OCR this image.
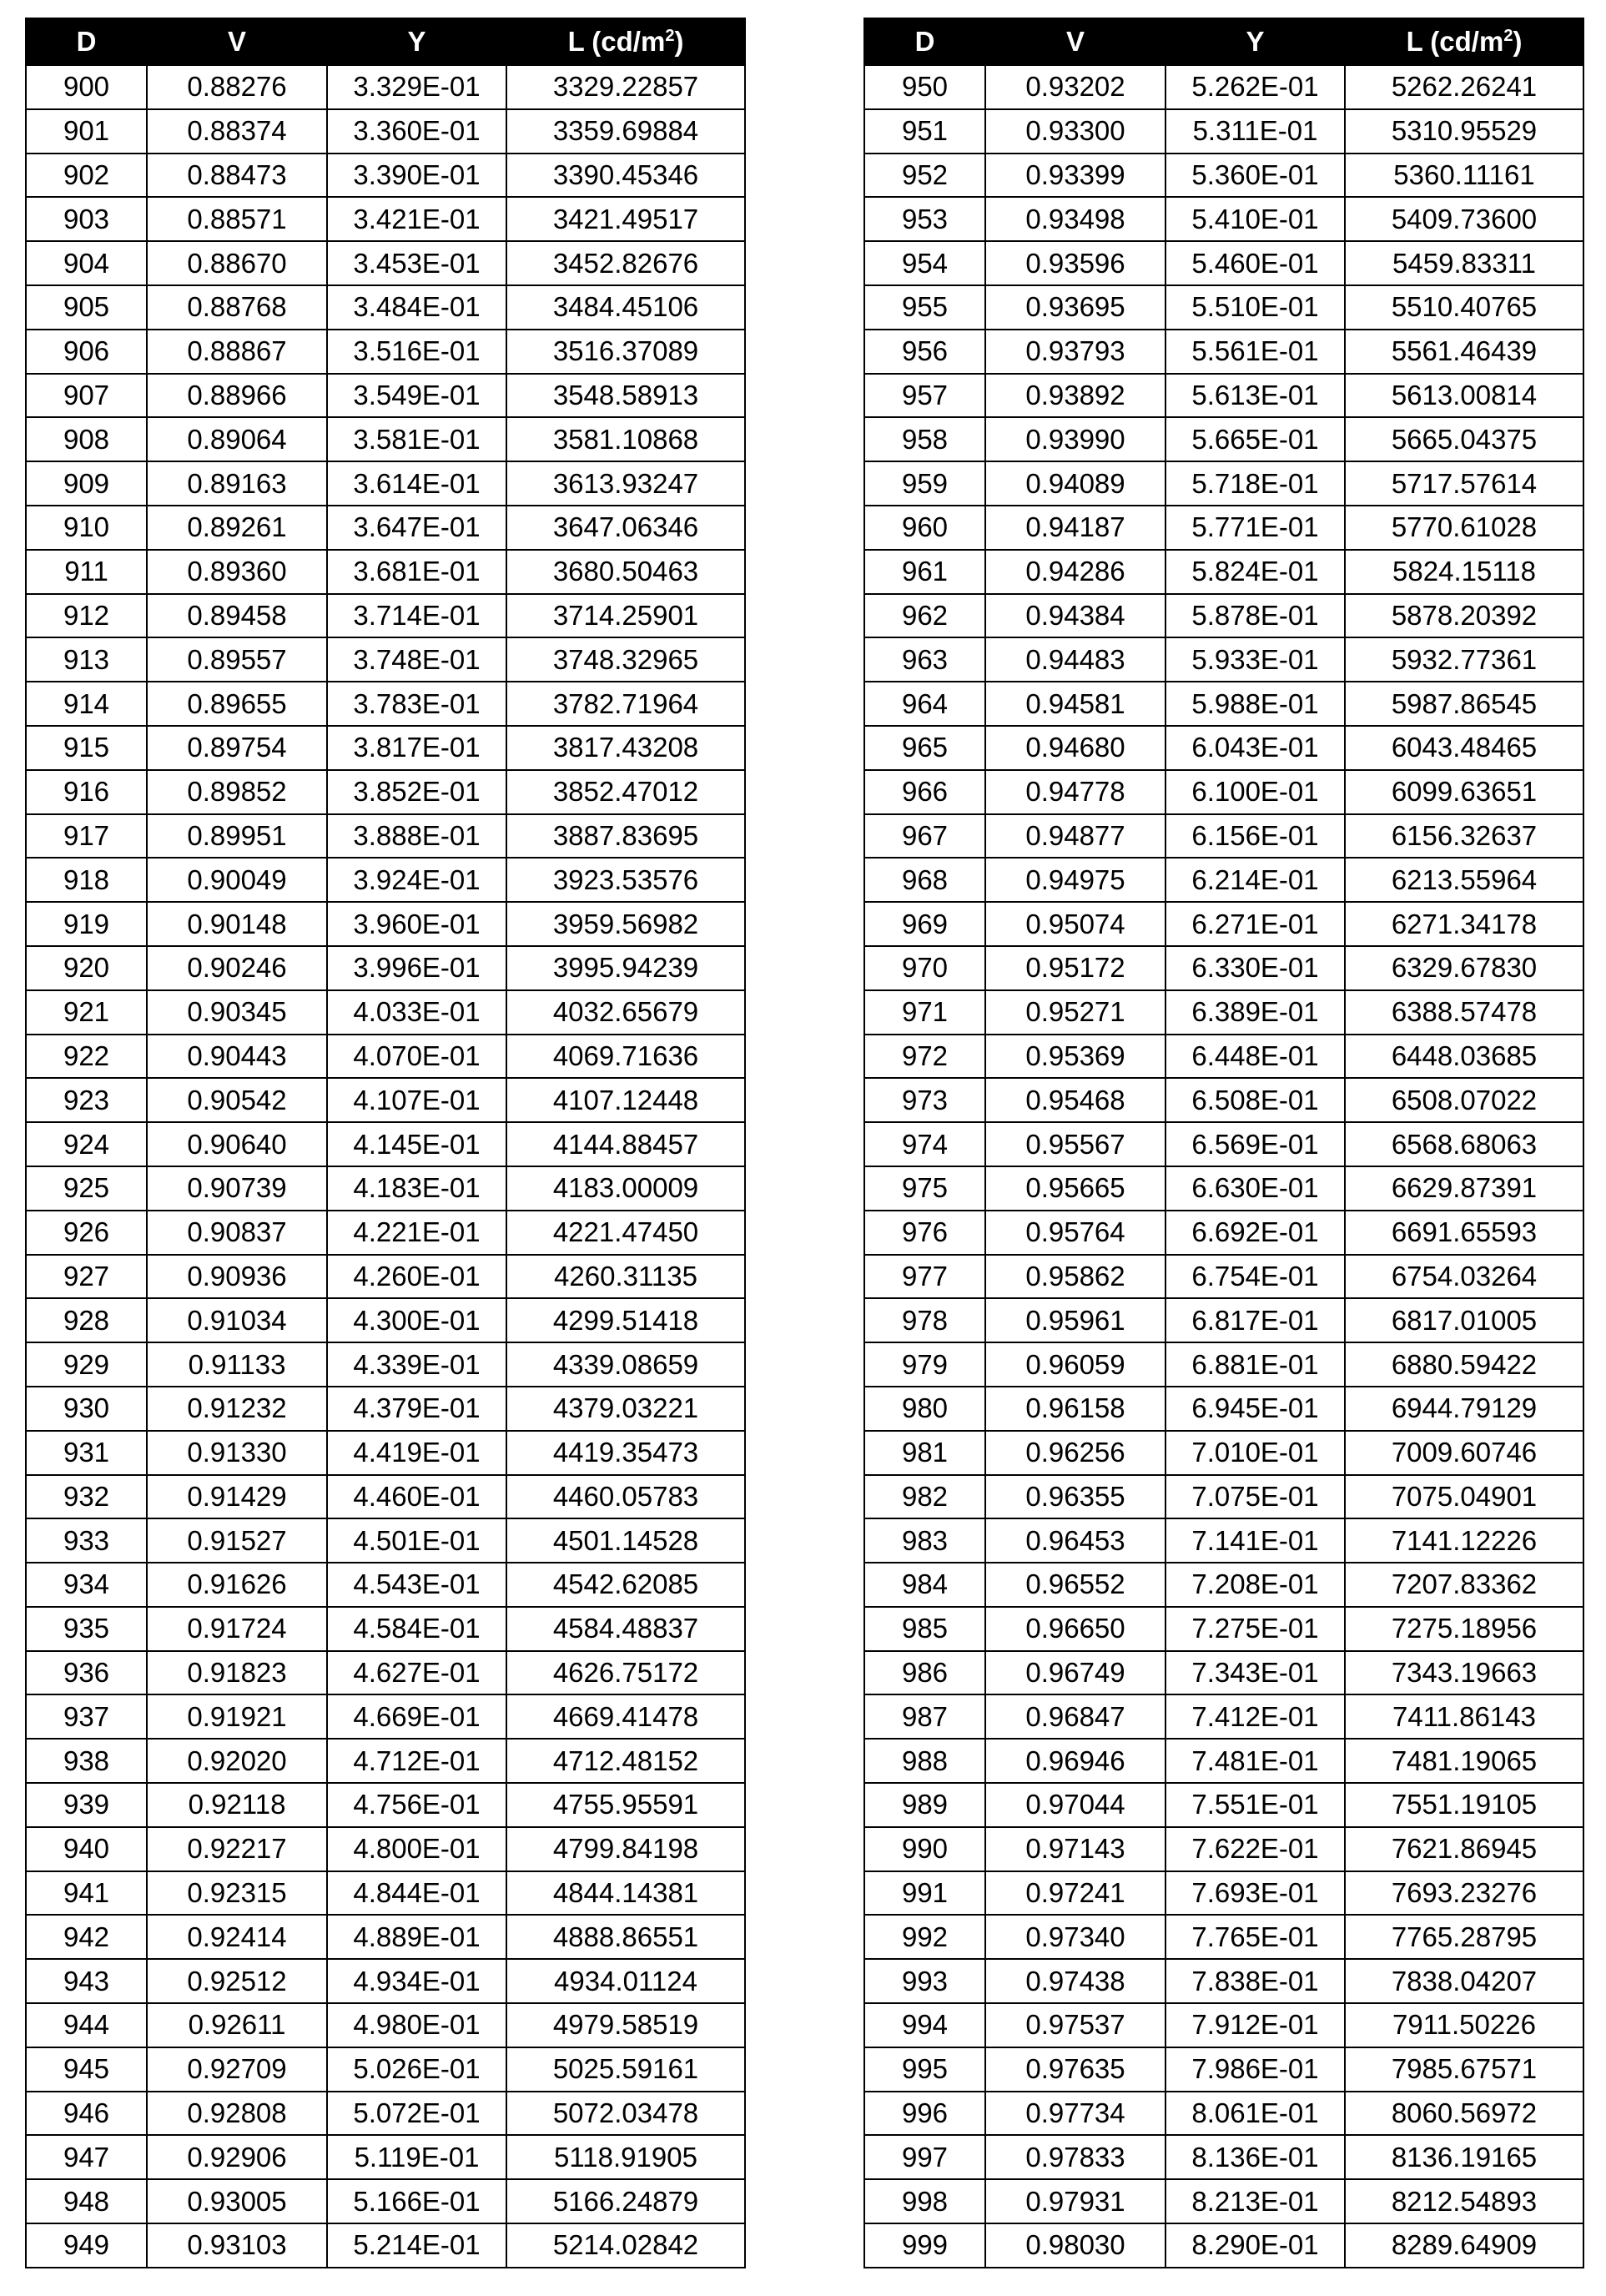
D	V	Y	L (cd/m2)
900	0.88276	3.329E-01	3329.22857
901	0.88374	3.360E-01	3359.69884
902	0.88473	3.390E-01	3390.45346
903	0.88571	3.421E-01	3421.49517
904	0.88670	3.453E-01	3452.82676
905	0.88768	3.484E-01	3484.45106
906	0.88867	3.516E-01	3516.37089
907	0.88966	3.549E-01	3548.58913
908	0.89064	3.581E-01	3581.10868
909	0.89163	3.614E-01	3613.93247
910	0.89261	3.647E-01	3647.06346
911	0.89360	3.681E-01	3680.50463
912	0.89458	3.714E-01	3714.25901
913	0.89557	3.748E-01	3748.32965
914	0.89655	3.783E-01	3782.71964
915	0.89754	3.817E-01	3817.43208
916	0.89852	3.852E-01	3852.47012
917	0.89951	3.888E-01	3887.83695
918	0.90049	3.924E-01	3923.53576
919	0.90148	3.960E-01	3959.56982
920	0.90246	3.996E-01	3995.94239
921	0.90345	4.033E-01	4032.65679
922	0.90443	4.070E-01	4069.71636
923	0.90542	4.107E-01	4107.12448
924	0.90640	4.145E-01	4144.88457
925	0.90739	4.183E-01	4183.00009
926	0.90837	4.221E-01	4221.47450
927	0.90936	4.260E-01	4260.31135
928	0.91034	4.300E-01	4299.51418
929	0.91133	4.339E-01	4339.08659
930	0.91232	4.379E-01	4379.03221
931	0.91330	4.419E-01	4419.35473
932	0.91429	4.460E-01	4460.05783
933	0.91527	4.501E-01	4501.14528
934	0.91626	4.543E-01	4542.62085
935	0.91724	4.584E-01	4584.48837
936	0.91823	4.627E-01	4626.75172
937	0.91921	4.669E-01	4669.41478
938	0.92020	4.712E-01	4712.48152
939	0.92118	4.756E-01	4755.95591
940	0.92217	4.800E-01	4799.84198
941	0.92315	4.844E-01	4844.14381
942	0.92414	4.889E-01	4888.86551
943	0.92512	4.934E-01	4934.01124
944	0.92611	4.980E-01	4979.58519
945	0.92709	5.026E-01	5025.59161
946	0.92808	5.072E-01	5072.03478
947	0.92906	5.119E-01	5118.91905
948	0.93005	5.166E-01	5166.24879
949	0.93103	5.214E-01	5214.02842
D	V	Y	L (cd/m2)
950	0.93202	5.262E-01	5262.26241
951	0.93300	5.311E-01	5310.95529
952	0.93399	5.360E-01	5360.11161
953	0.93498	5.410E-01	5409.73600
954	0.93596	5.460E-01	5459.83311
955	0.93695	5.510E-01	5510.40765
956	0.93793	5.561E-01	5561.46439
957	0.93892	5.613E-01	5613.00814
958	0.93990	5.665E-01	5665.04375
959	0.94089	5.718E-01	5717.57614
960	0.94187	5.771E-01	5770.61028
961	0.94286	5.824E-01	5824.15118
962	0.94384	5.878E-01	5878.20392
963	0.94483	5.933E-01	5932.77361
964	0.94581	5.988E-01	5987.86545
965	0.94680	6.043E-01	6043.48465
966	0.94778	6.100E-01	6099.63651
967	0.94877	6.156E-01	6156.32637
968	0.94975	6.214E-01	6213.55964
969	0.95074	6.271E-01	6271.34178
970	0.95172	6.330E-01	6329.67830
971	0.95271	6.389E-01	6388.57478
972	0.95369	6.448E-01	6448.03685
973	0.95468	6.508E-01	6508.07022
974	0.95567	6.569E-01	6568.68063
975	0.95665	6.630E-01	6629.87391
976	0.95764	6.692E-01	6691.65593
977	0.95862	6.754E-01	6754.03264
978	0.95961	6.817E-01	6817.01005
979	0.96059	6.881E-01	6880.59422
980	0.96158	6.945E-01	6944.79129
981	0.96256	7.010E-01	7009.60746
982	0.96355	7.075E-01	7075.04901
983	0.96453	7.141E-01	7141.12226
984	0.96552	7.208E-01	7207.83362
985	0.96650	7.275E-01	7275.18956
986	0.96749	7.343E-01	7343.19663
987	0.96847	7.412E-01	7411.86143
988	0.96946	7.481E-01	7481.19065
989	0.97044	7.551E-01	7551.19105
990	0.97143	7.622E-01	7621.86945
991	0.97241	7.693E-01	7693.23276
992	0.97340	7.765E-01	7765.28795
993	0.97438	7.838E-01	7838.04207
994	0.97537	7.912E-01	7911.50226
995	0.97635	7.986E-01	7985.67571
996	0.97734	8.061E-01	8060.56972
997	0.97833	8.136E-01	8136.19165
998	0.97931	8.213E-01	8212.54893
999	0.98030	8.290E-01	8289.64909
